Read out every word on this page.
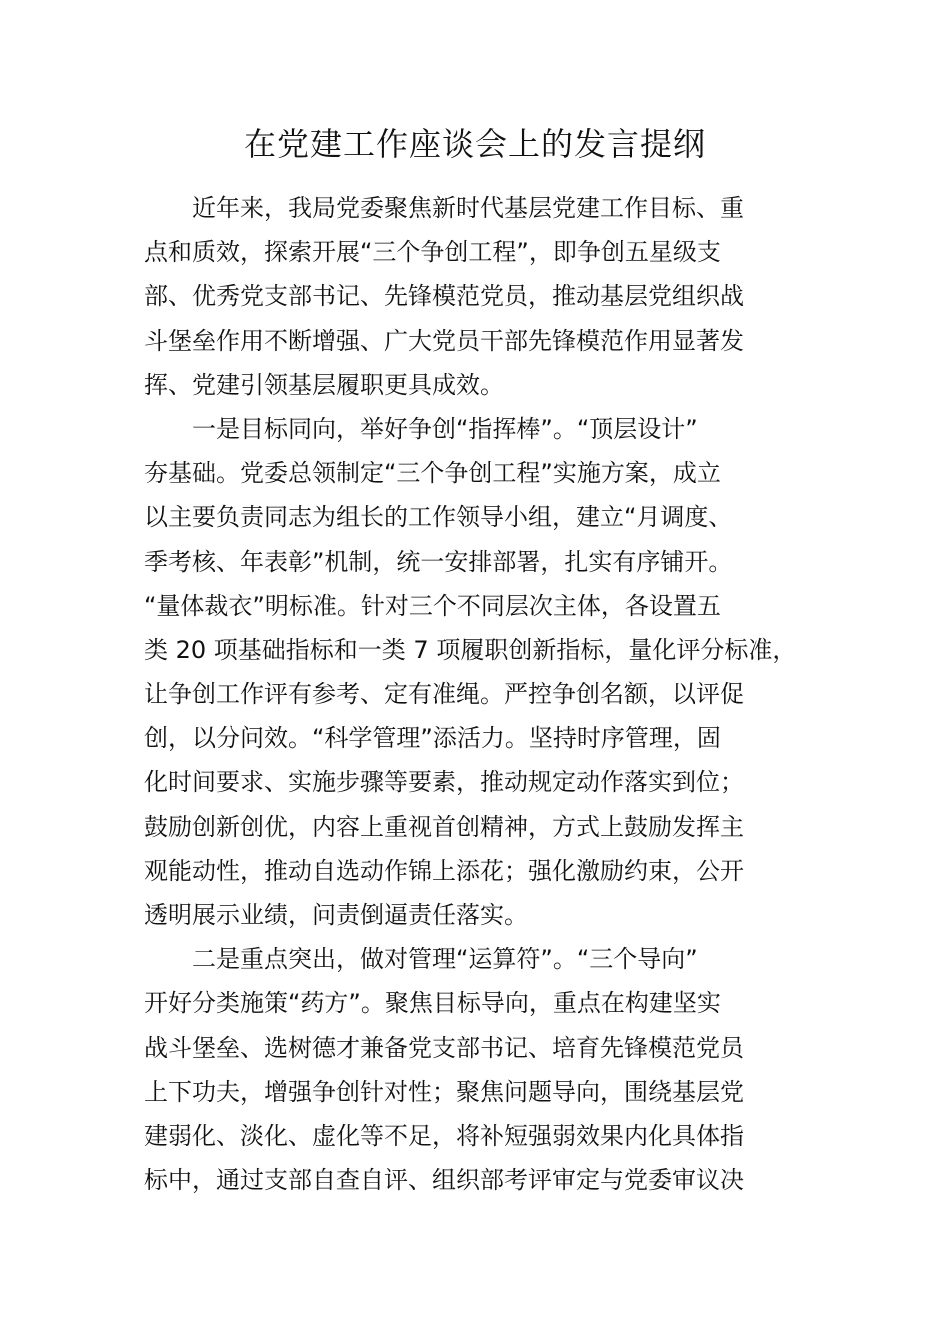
在党建工作座谈会上的发言提纲
近年来，我局党委聚焦新时代基层党建工作目标、重
点和质效，探索开展“三个争创工程”，即争创五星级支
部、优秀党支部书记、先锋模范党员，推动基层党组织战
斗堡垒作用不断增强、广大党员干部先锋模范作用显著发
挥、党建引领基层履职更具成效。
一是目标同向，举好争创“指挥棒”。“顶层设计”
夯基础。党委总领制定“三个争创工程”实施方案，成立
以主要负责同志为组长的工作领导小组，建立“月调度、
季考核、年表彰”机制，统一安排部署，扎实有序铺开。
“量体裁衣”明标准。针对三个不同层次主体，各设置五
类 20 项基础指标和一类 7 项履职创新指标，量化评分标准，
让争创工作评有参考、定有准绳。严控争创名额，以评促
创，以分问效。“科学管理”添活力。坚持时序管理，固
化时间要求、实施步骤等要素，推动规定动作落实到位；
鼓励创新创优，内容上重视首创精神，方式上鼓励发挥主
观能动性，推动自选动作锦上添花；强化激励约束，公开
透明展示业绩，问责倒逼责任落实。
二是重点突出，做对管理“运算符”。“三个导向”
开好分类施策“药方”。聚焦目标导向，重点在构建坚实
战斗堡垒、选树德才兼备党支部书记、培育先锋模范党员
上下功夫，增强争创针对性；聚焦问题导向，围绕基层党
建弱化、淡化、虚化等不足，将补短强弱效果内化具体指
标中，通过支部自查自评、组织部考评审定与党委审议决
